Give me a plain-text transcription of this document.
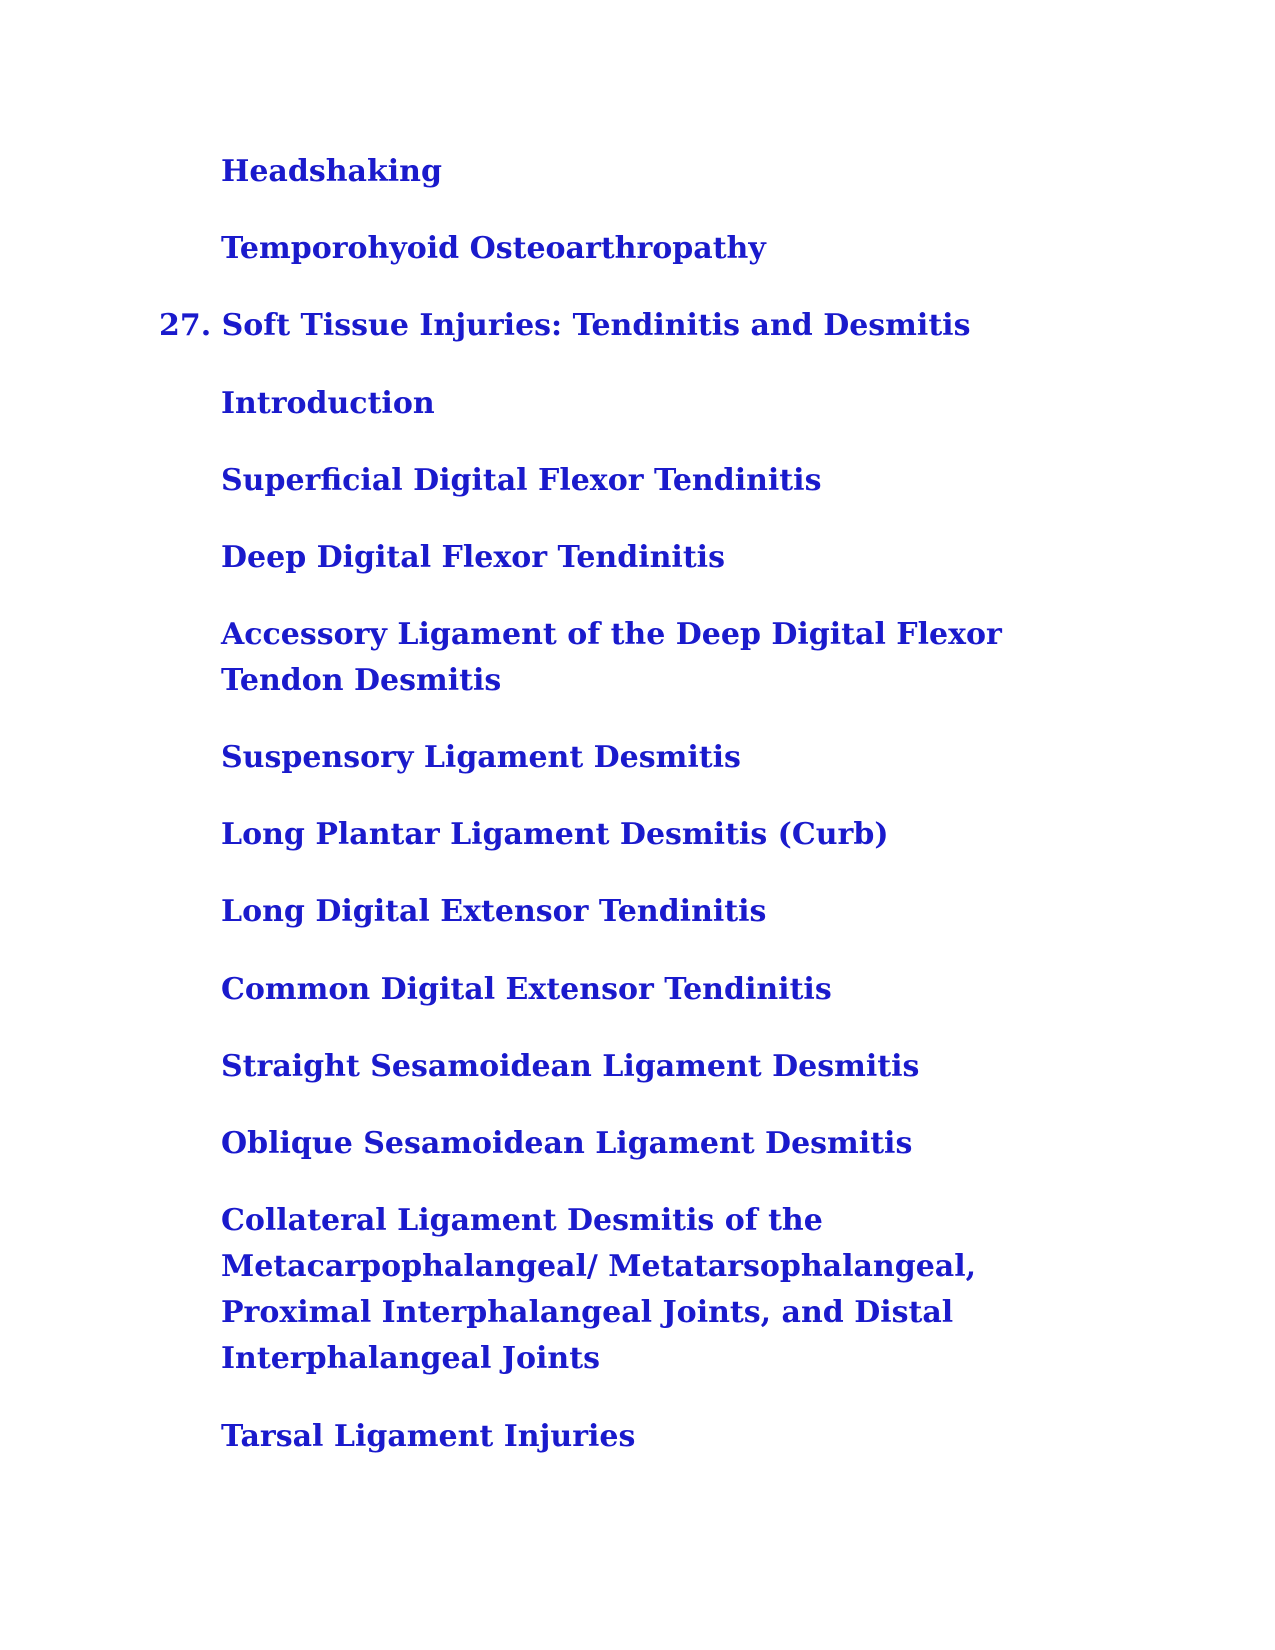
Headshaking
Temporohyoid Osteoarthropathy
27. Soft Tissue Injuries: Tendinitis and Desmitis
Introduction
Superficial Digital Flexor Tendinitis
Deep Digital Flexor Tendinitis
Accessory Ligament of the Deep Digital Flexor Tendon Desmitis
Suspensory Ligament Desmitis
Long Plantar Ligament Desmitis (Curb)
Long Digital Extensor Tendinitis
Common Digital Extensor Tendinitis
Straight Sesamoidean Ligament Desmitis
Oblique Sesamoidean Ligament Desmitis
Collateral Ligament Desmitis of the Metacarpophalangeal/ Metatarsophalangeal, Proximal Interphalangeal Joints, and Distal Interphalangeal Joints
Tarsal Ligament Injuries
